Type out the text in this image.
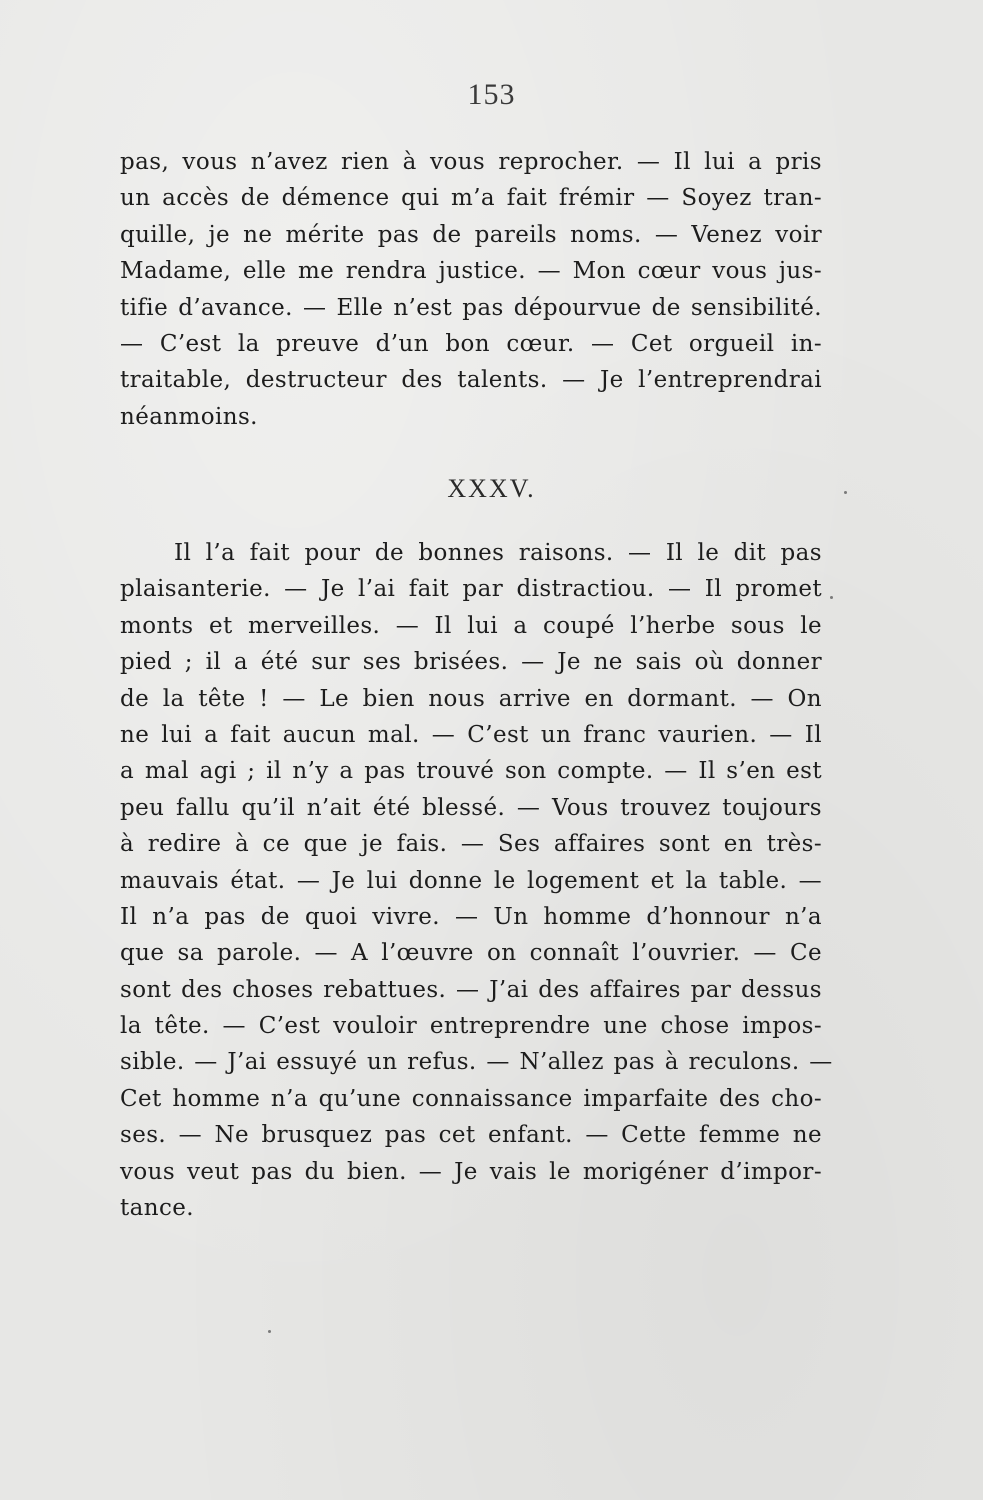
153
pas, vous n’avez rien à vous reprocher. — Il lui a pris
un accès de démence qui m’a fait frémir — Soyez tran-
quille, je ne mérite pas de pareils noms. — Venez voir
Madame, elle me rendra justice. — Mon cœur vous jus-
tifie d’avance. — Elle n’est pas dépourvue de sensibilité.
— C’est la preuve d’un bon cœur. — Cet orgueil in-
traitable, destructeur des talents. — Je l’entreprendrai
néanmoins.
XXXV.
Il l’a fait pour de bonnes raisons. — Il le dit pas
plaisanterie. — Je l’ai fait par distractiou. — Il promet
monts et merveilles. — Il lui a coupé l’herbe sous le
pied ; il a été sur ses brisées. — Je ne sais où donner
de la tête ! — Le bien nous arrive en dormant. — On
ne lui a fait aucun mal. — C’est un franc vaurien. — Il
a mal agi ; il n’y a pas trouvé son compte. — Il s’en est
peu fallu qu’il n’ait été blessé. — Vous trouvez toujours
à redire à ce que je fais. — Ses affaires sont en très-
mauvais état. — Je lui donne le logement et la table. —
Il n’a pas de quoi vivre. — Un homme d’honnour n’a
que sa parole. — A l’œuvre on connaît l’ouvrier. — Ce
sont des choses rebattues. — J’ai des affaires par dessus
la tête. — C’est vouloir entreprendre une chose impos-
sible. — J’ai essuyé un refus. — N’allez pas à reculons. —
Cet homme n’a qu’une connaissance imparfaite des cho-
ses. — Ne brusquez pas cet enfant. — Cette femme ne
vous veut pas du bien. — Je vais le morigéner d’impor-
tance.
